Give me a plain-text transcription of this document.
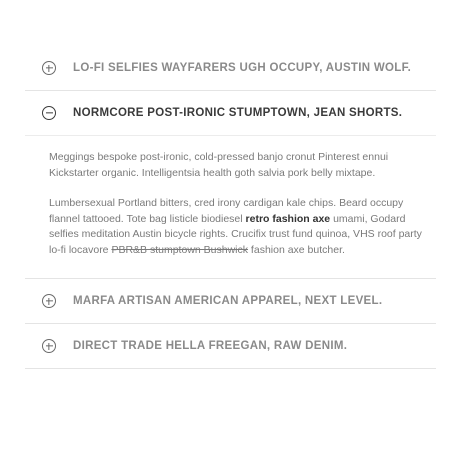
LO-FI SELFIES WAYFARERS UGH OCCUPY, AUSTIN WOLF.
NORMCORE POST-IRONIC STUMPTOWN, JEAN SHORTS.

Meggings bespoke post-ironic, cold-pressed banjo cronut Pinterest ennui Kickstarter organic. Intelligentsia health goth salvia pork belly mixtape.

Lumbersexual Portland bitters, cred irony cardigan kale chips. Beard occupy flannel tattooed. Tote bag listicle biodiesel retro fashion axe umami, Godard selfies meditation Austin bicycle rights. Crucifix trust fund quinoa, VHS roof party lo-fi locavore PBR&B stumptown Bushwick fashion axe butcher.

MARFA ARTISAN AMERICAN APPAREL, NEXT LEVEL.
DIRECT TRADE HELLA FREEGAN, RAW DENIM.
